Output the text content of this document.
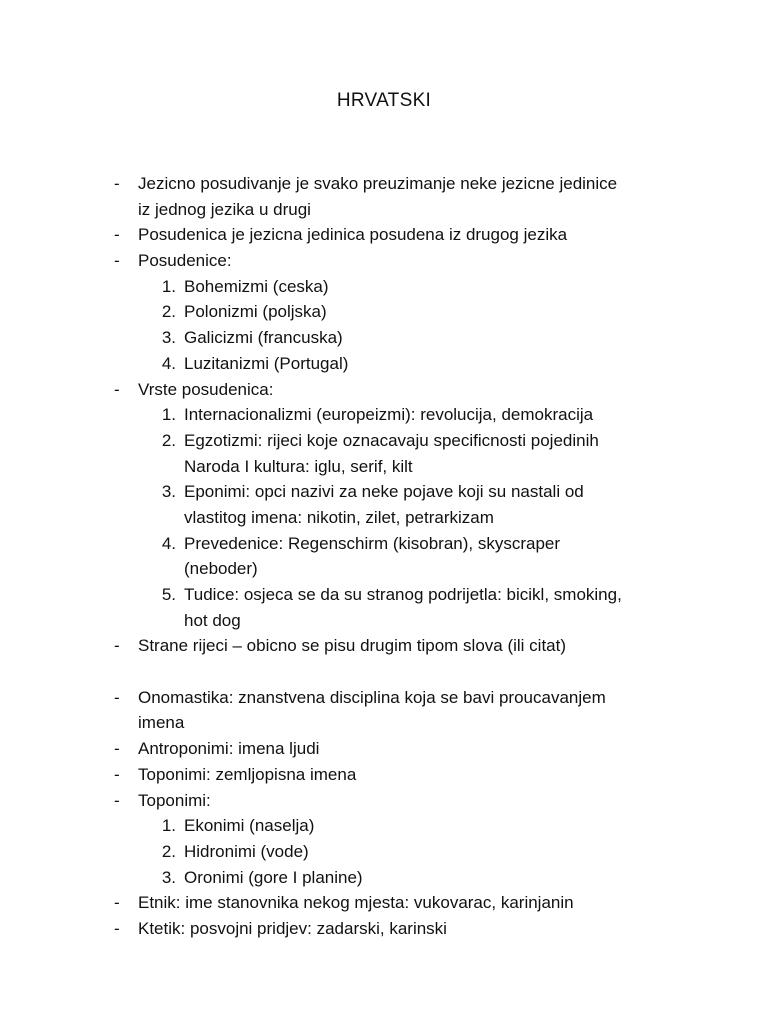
HRVATSKI
- Jezicno posudivanje je svako preuzimanje neke jezicne jedinice
iz jednog jezika u drugi
- Posudenica je jezicna jedinica posudena iz drugog jezika
- Posudenice:
1. Bohemizmi (ceska)
2. Polonizmi (poljska)
3. Galicizmi (francuska)
4. Luzitanizmi (Portugal)
- Vrste posudenica:
1. Internacionalizmi (europeizmi): revolucija, demokracija
2. Egzotizmi: rijeci koje oznacavaju specificnosti pojedinih
Naroda I kultura: iglu, serif, kilt
3. Eponimi: opci nazivi za neke pojave koji su nastali od
vlastitog imena: nikotin, zilet, petrarkizam
4. Prevedenice: Regenschirm (kisobran), skyscraper
(neboder)
5. Tudice: osjeca se da su stranog podrijetla: bicikl, smoking,
hot dog
- Strane rijeci – obicno se pisu drugim tipom slova (ili citat)
- Onomastika: znanstvena disciplina koja se bavi proucavanjem
imena
- Antroponimi: imena ljudi
- Toponimi: zemljopisna imena
- Toponimi:
1. Ekonimi (naselja)
2. Hidronimi (vode)
3. Oronimi (gore I planine)
- Etnik: ime stanovnika nekog mjesta: vukovarac, karinjanin
- Ktetik: posvojni pridjev: zadarski, karinski
